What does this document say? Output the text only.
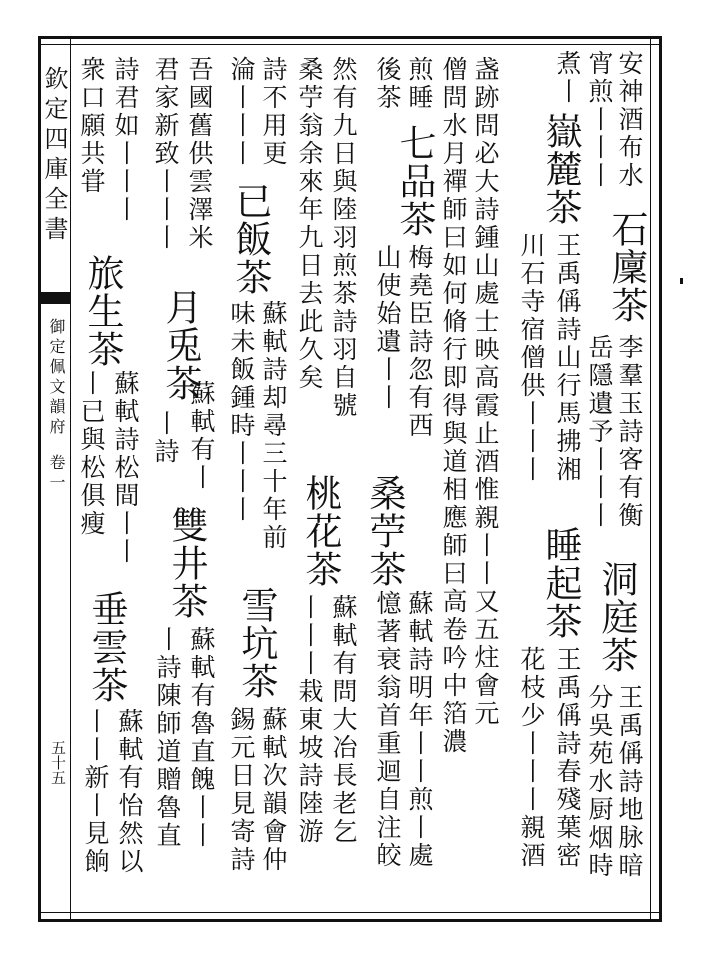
欽定四庫全書
御定佩文韻府
卷一
五十五
安神酒布水
石廩茶
李羣玉詩客有衡
洞庭茶
王禹偁詩地脉暗
宵煎丨丨丨
岳隱遺予丨丨丨
分吳苑水厨烟時
煮丨
嶽麓茶
王禹偁詩山行馬拂湘
睡起茶
王禹偁詩春殘葉密
川石寺宿僧供丨丨丨
花枝少丨丨丨親酒
盏跡問必大詩鍾山處士映高霞止酒惟親丨丨又五炷會元
僧問水月禪師曰如何脩行即得與道相應師曰高卷吟中箔濃
煎睡
七品茶
梅堯臣詩忽有西
後茶
山使始遺丨丨
桑苧茶
蘇軾詩明年丨丨煎丨處
憶著衰翁首重迴自注皎
然有九日與陸羽煎茶詩羽自號
桑苧翁余來年九日去此久矣
桃花茶
蘇軾有問大冶長老乞
丨丨丨栽東坡詩陸游
詩不用更
雪坑茶
蘇軾次韻會仲
淪丨丨丨
已飯茶
蘇軾詩却尋三十年前
味未飯鍾時丨丨丨
錫元日見寄詩
吾國舊供雲澤米
雙井茶
蘇軾有魯直餽丨丨
君家新致丨丨丨
月兎茶
蘇軾有丨
丨詩
丨詩陳師道贈魯直
詩君如丨丨丨
旅生茶
蘇軾詩松間丨丨
垂雲茶
蘇軾有怡然以
衆口願共甞
丨已與松俱瘦
丨丨新丨見餉
